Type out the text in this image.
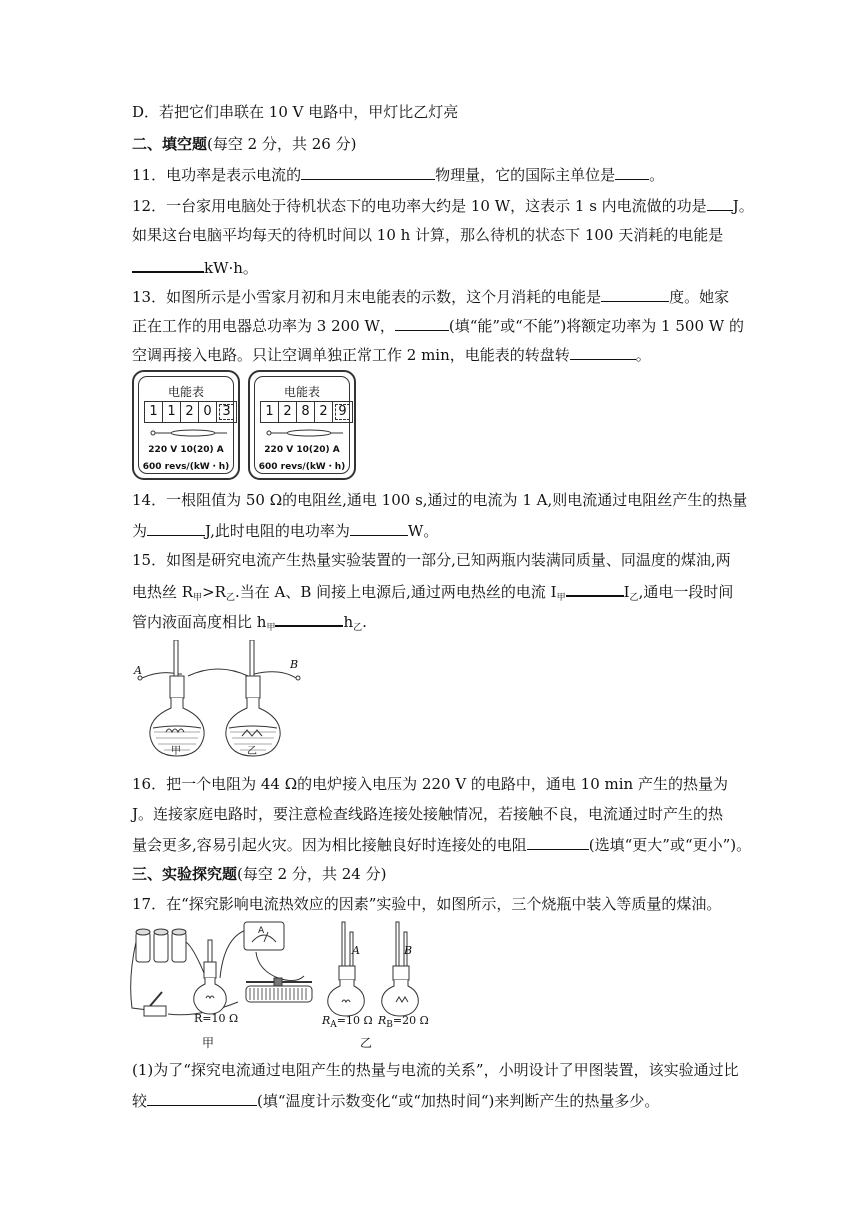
D．若把它们串联在 10 V 电路中，甲灯比乙灯亮
二、填空题(每空 2 分，共 26 分)
11．电功率是表示电流的	物理量，它的国际主单位是 。
12．一台家用电脑处于待机状态下的电功率大约是 10 W，这表示 1 s 内电流做的功是 J。
如果这台电脑平均每天的待机时间以 10 h 计算，那么待机的状态下 100 天消耗的电能是
kW·h。
13．如图所示是小雪家月初和月末电能表的示数，这个月消耗的电能是	度。她家
正在工作的用电器总功率为 3 200 W，	(填“能”或“不能”)将额定功率为 1 500 W 的
空调再接入电路。只让空调单独正常工作 2 min，电能表的转盘转	。
电能表
1 1 2 0 3
220 V 10(20) A
600 revs/(kW・h)
电能表
1 2 8 2 9
220 V 10(20) A
600 revs/(kW・h)
14．一根阻值为 50 Ω的电阻丝,通电 100 s,通过的电流为 1 A,则电流通过电阻丝产生的热量
为	J,此时电阻的电功率为	W。
15．如图是研究电流产生热量实验装置的一部分,已知两瓶内装满同质量、同温度的煤油,两
电热丝 $R_甲>R_乙$.当在 A、B 间接上电源后,通过两电热丝的电流 $I_甲$	$I_乙$,通电一段时间
管内液面高度相比 $h_甲$	$h_乙$.
A	B
甲	乙
16．把一个电阻为 44 Ω的电炉接入电压为 220 V 的电路中，通电 10 min 产生的热量为
J。连接家庭电路时，要注意检查线路连接处接触情况，若接触不良，电流通过时产生的热
量会更多,容易引起火灾。因为相比接触良好时连接处的电阻	(选填“更大”或“更小”)。
三、实验探究题(每空 2 分，共 24 分)
17．在“探究影响电流热效应的因素”实验中，如图所示，三个烧瓶中装入等质量的煤油。
A
A	B
R=10 Ω	$R_A=10$ Ω $R_B=20$ Ω
甲	乙
(1)为了“探究电流通过电阻产生的热量与电流的关系”，小明设计了甲图装置，该实验通过比
较	(填“温度计示数变化“或“加热时间“)来判断产生的热量多少。
